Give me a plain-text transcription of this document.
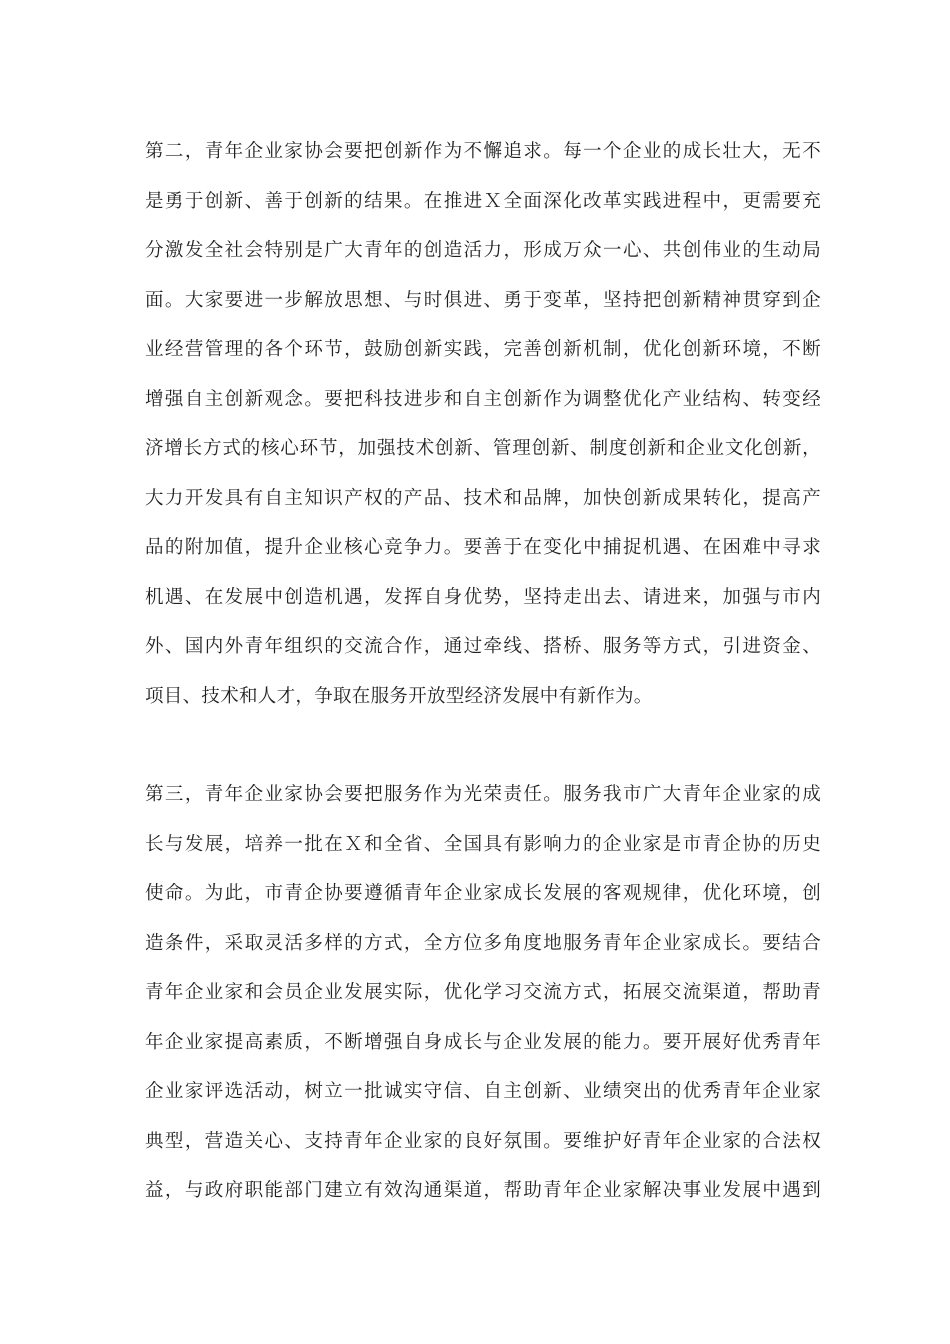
第二，青年企业家协会要把创新作为不懈追求。每一个企业的成长壮大，无不
是勇于创新、善于创新的结果。在推进Ｘ全面深化改革实践进程中，更需要充
分激发全社会特别是广大青年的创造活力，形成万众一心、共创伟业的生动局
面。大家要进一步解放思想、与时俱进、勇于变革，坚持把创新精神贯穿到企
业经营管理的各个环节，鼓励创新实践，完善创新机制，优化创新环境，不断
增强自主创新观念。要把科技进步和自主创新作为调整优化产业结构、转变经
济增长方式的核心环节，加强技术创新、管理创新、制度创新和企业文化创新，
大力开发具有自主知识产权的产品、技术和品牌，加快创新成果转化，提高产
品的附加值，提升企业核心竞争力。要善于在变化中捕捉机遇、在困难中寻求
机遇、在发展中创造机遇，发挥自身优势，坚持走出去、请进来，加强与市内
外、国内外青年组织的交流合作，通过牵线、搭桥、服务等方式，引进资金、
项目、技术和人才，争取在服务开放型经济发展中有新作为。
第三，青年企业家协会要把服务作为光荣责任。服务我市广大青年企业家的成
长与发展，培养一批在Ｘ和全省、全国具有影响力的企业家是市青企协的历史
使命。为此，市青企协要遵循青年企业家成长发展的客观规律，优化环境，创
造条件，采取灵活多样的方式，全方位多角度地服务青年企业家成长。要结合
青年企业家和会员企业发展实际，优化学习交流方式，拓展交流渠道，帮助青
年企业家提高素质，不断增强自身成长与企业发展的能力。要开展好优秀青年
企业家评选活动，树立一批诚实守信、自主创新、业绩突出的优秀青年企业家
典型，营造关心、支持青年企业家的良好氛围。要维护好青年企业家的合法权
益，与政府职能部门建立有效沟通渠道，帮助青年企业家解决事业发展中遇到
